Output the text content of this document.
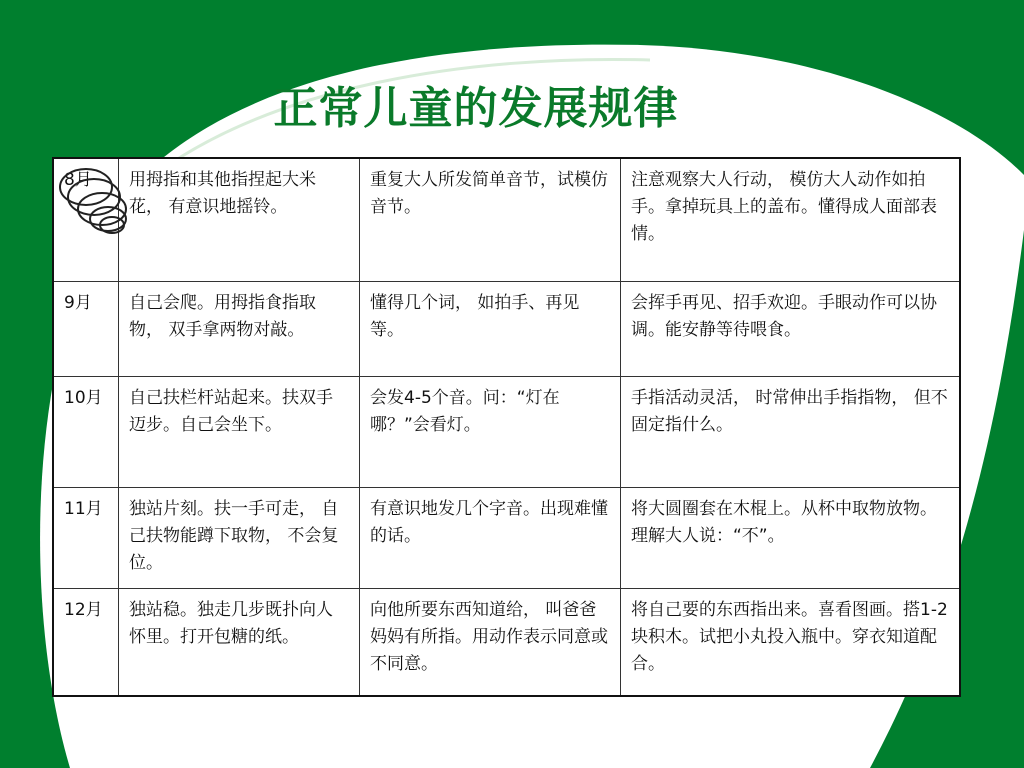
正常儿童的发展规律
8月	用拇指和其他指捏起大米花， 有意识地摇铃。	重复大人所发简单音节，试模仿音节。	注意观察大人行动， 模仿大人动作如拍手。拿掉玩具上的盖布。懂得成人面部表情。
9月	自己会爬。用拇指食指取物， 双手拿两物对敲。	懂得几个词， 如拍手、再见等。	会挥手再见、招手欢迎。手眼动作可以协调。能安静等待喂食。
10月	自己扶栏杆站起来。扶双手迈步。自己会坐下。	会发4-5个音。问：“灯在哪？”会看灯。	手指活动灵活， 时常伸出手指指物， 但不固定指什么。
11月	独站片刻。扶一手可走， 自己扶物能蹲下取物， 不会复位。	有意识地发几个字音。出现难懂的话。	将大圆圈套在木棍上。从杯中取物放物。理解大人说：“不”。
12月	独站稳。独走几步既扑向人怀里。打开包糖的纸。	向他所要东西知道给， 叫爸爸妈妈有所指。用动作表示同意或不同意。	将自己要的东西指出来。喜看图画。搭1-2块积木。试把小丸投入瓶中。穿衣知道配合。
